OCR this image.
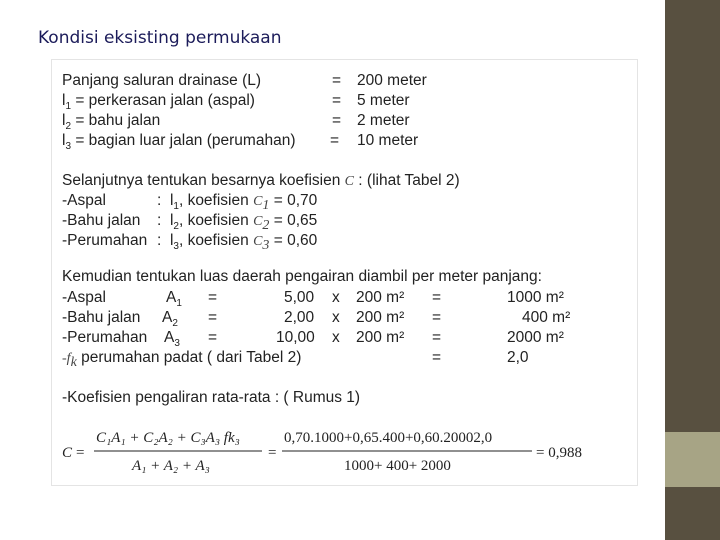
Kondisi eksisting permukaan
Panjang saluran drainase (L)	= 200 meter
$l_1$ = perkerasan jalan (aspal)	= 5 meter
$l_2$ = bahu jalan	= 2 meter
$l_3$ = bagian luar jalan (perumahan) = 10 meter
Selanjutnya tentukan besarnya koefisien C : (lihat Tabel 2)
-Aspal	: $l_1$, koefisien $C_1 = 0,70$
-Bahu jalan : $l_2$, koefisien $C_2 = 0,65$
-Perumahan : $l_3$, koefisien $C_3 = 0,60$
Kemudian tentukan luas daerah pengairan diambil per meter panjang:
-Aspal	$A_1$ =	5,00 x 200 m² =	1000 m²
-Bahu jalan $A_2$ =	2,00 x 200 m² =	400 m²
-Perumahan $A_3$ =	10,00 x 200 m² =	2000 m²
$-f_k$ perumahan padat ( dari Tabel 2)	=	2,0
-Koefisien pengaliran rata-rata : ( Rumus 1)
C =
C₁A₁ + C₂A₂ + C₃A₃ fk₃
A₁ + A₂ + A₃
=
0,70.1000+0,65.400+0,60.20002,0
1000+ 400+ 2000
= 0,988
